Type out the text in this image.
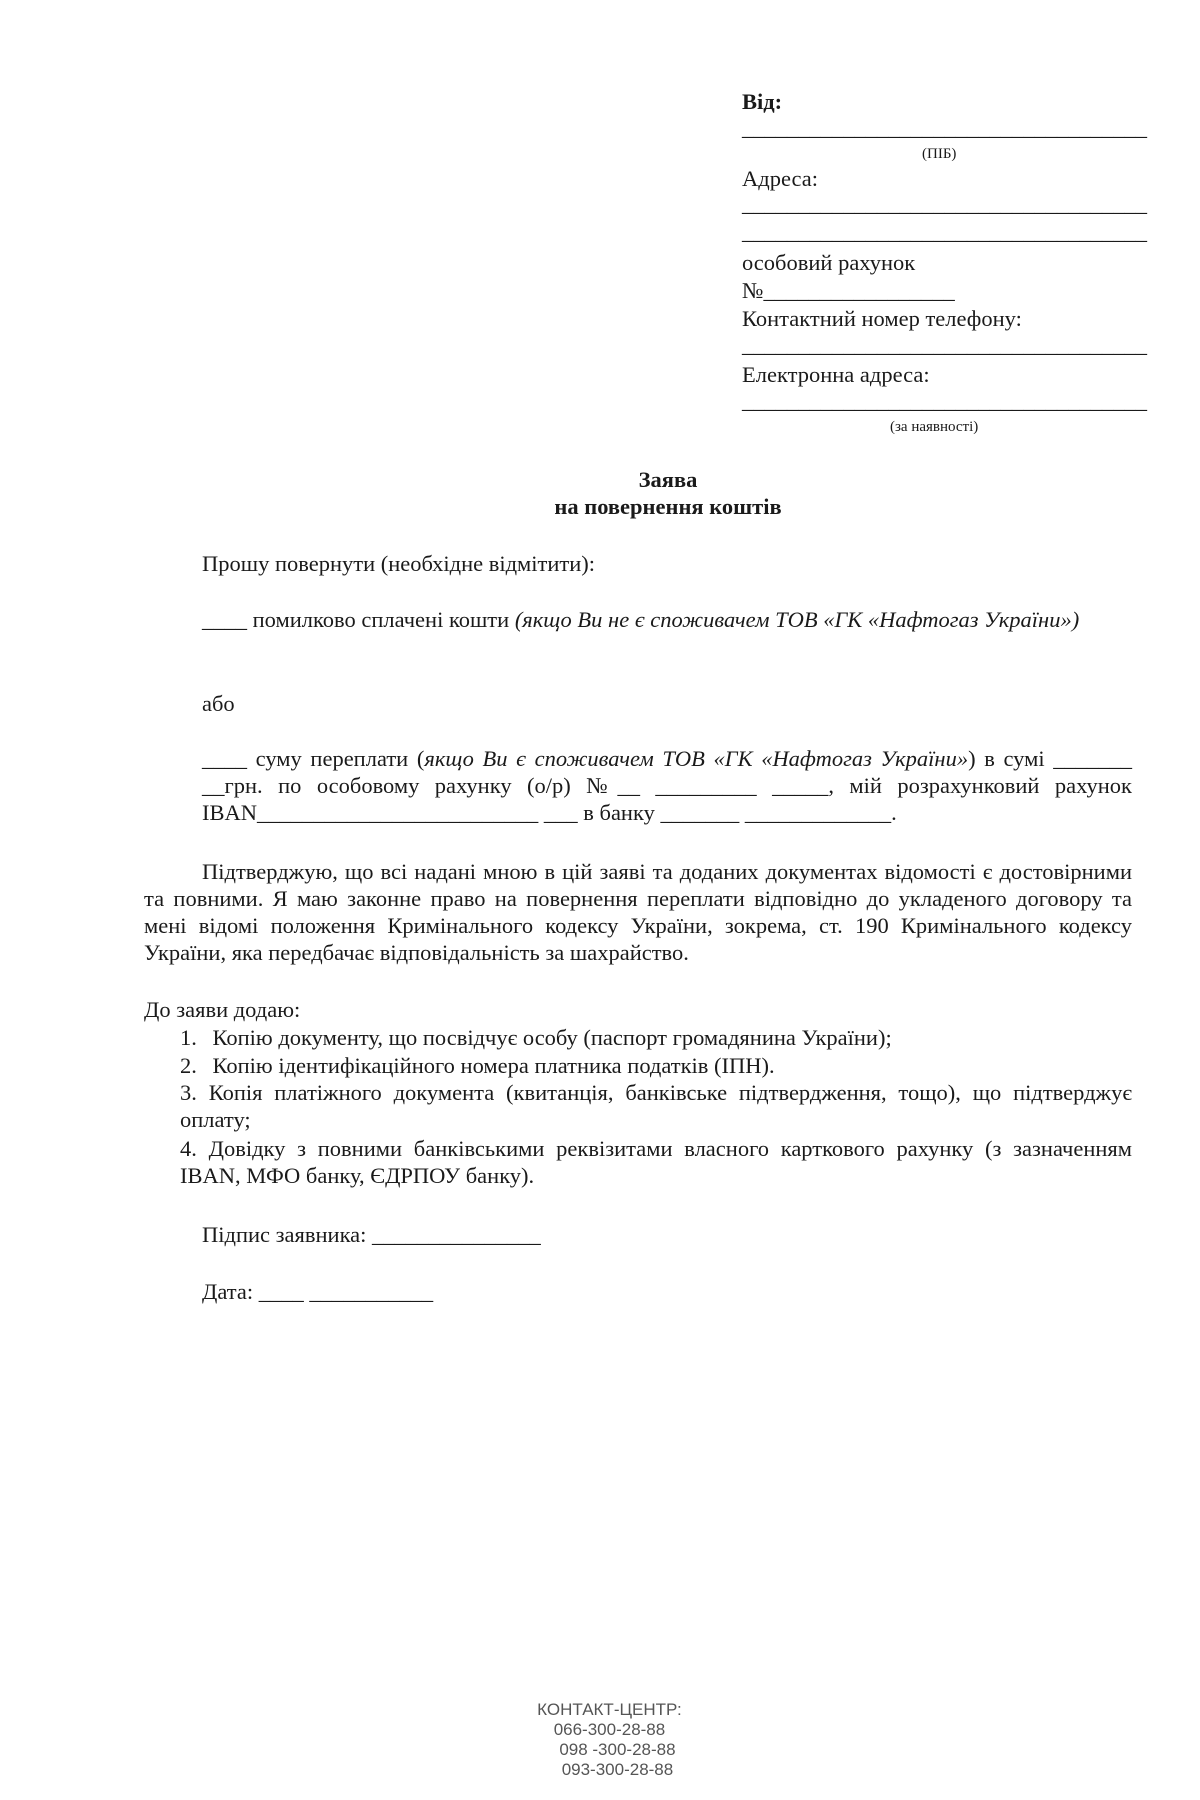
Від:
____________________________________
(ПІБ)
Адреса:
____________________________________
____________________________________
особовий рахунок
№_________________
Контактний номер телефону:
____________________________________
Електронна адреса:
____________________________________
(за наявності)
Заява
на повернення коштів
Прошу повернути (необхідне відмітити):
____ помилково сплачені кошти (якщо Ви не є споживачем ТОВ «ГК «Нафтогаз України»)
або
____ суму переплати (якщо Ви є споживачем ТОВ «ГК «Нафтогаз України») в сумі _______ __грн. по особовому рахунку (о/р) №__ _________ _____, мій розрахунковий рахунок IBAN_________________________ ___ в банку _______ _____________.
Підтверджую, що всі надані мною в цій заяві та доданих документах відомості є достовірними та повними. Я маю законне право на повернення переплати відповідно до укладеного договору та мені відомі положення Кримінального кодексу України, зокрема, ст. 190 Кримінального кодексу України, яка передбачає відповідальність за шахрайство.
До заяви додаю:
1. Копію документу, що посвідчує особу (паспорт громадянина України);
2. Копію ідентифікаційного номера платника податків (ІПН).
3. Копія платіжного документа (квитанція, банківське підтвердження, тощо), що підтверджує оплату;
4. Довідку з повними банківськими реквізитами власного карткового рахунку (з зазначенням IBAN, МФО банку, ЄДРПОУ банку).
Підпис заявника: _______________
Дата: ____ ___________

КОНТАКТ-ЦЕНТР:
066-300-28-88
098 -300-28-88
093-300-28-88
